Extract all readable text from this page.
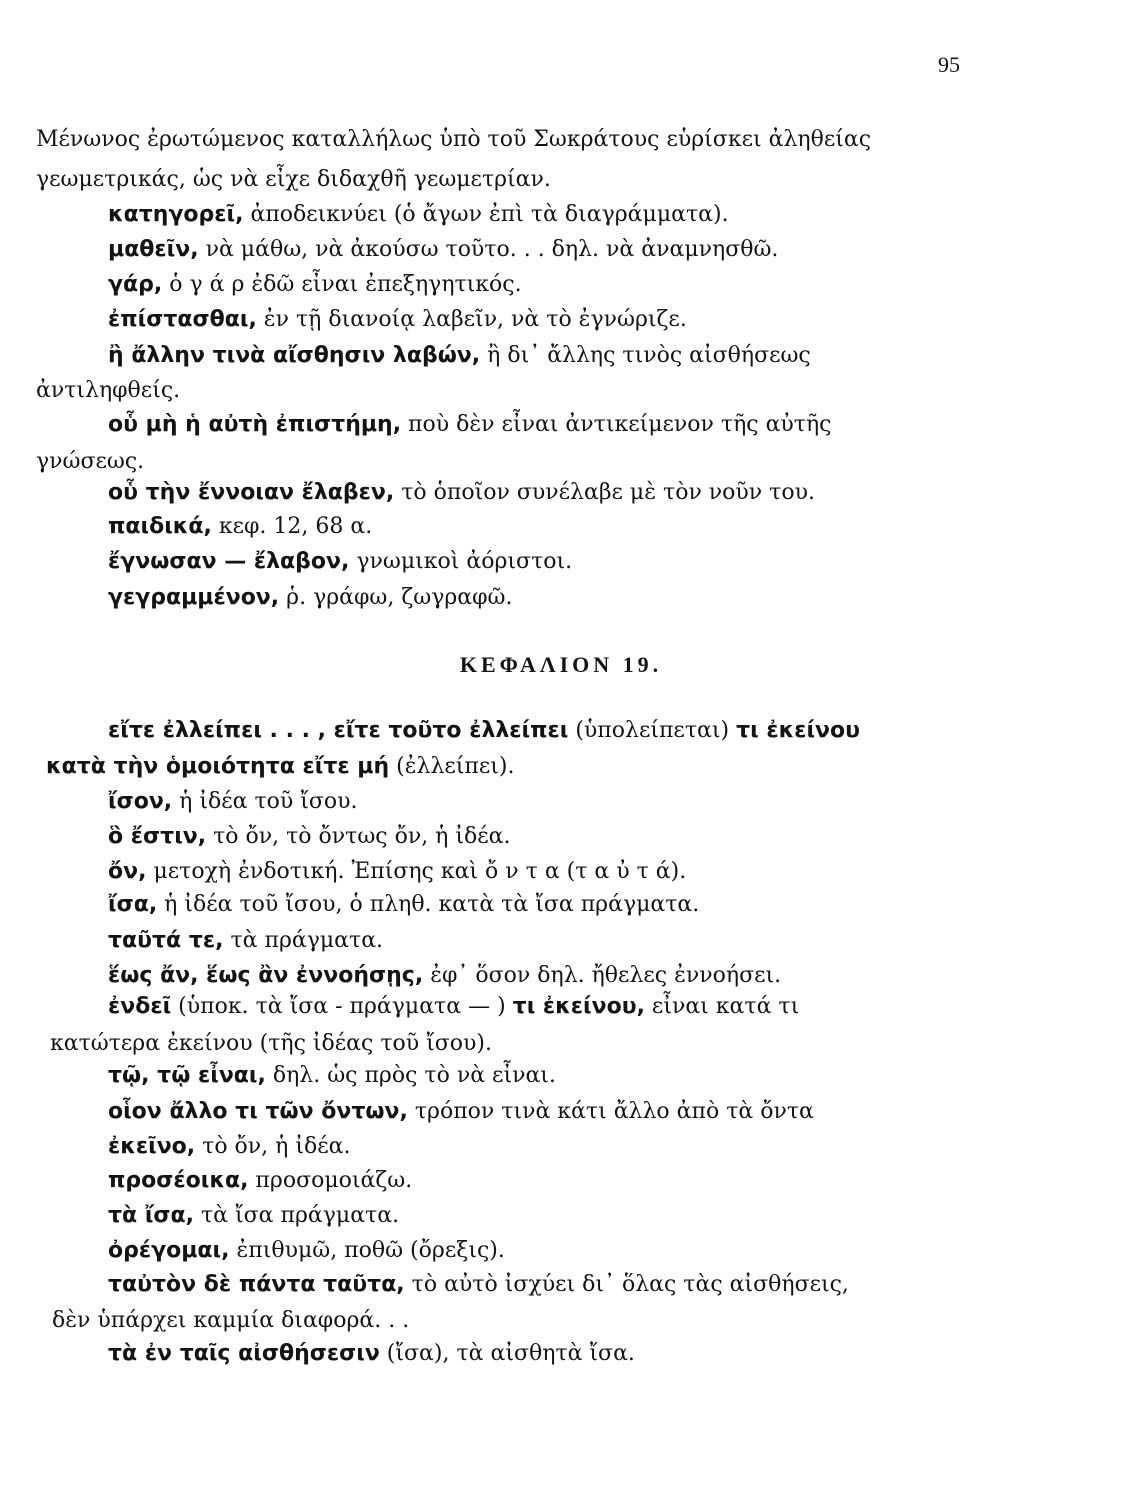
95
Μένωνος ἐρωτώμενος καταλλήλως ὑπὸ τοῦ Σωκράτους εὑρίσκει ἀληθείας
γεωμετρικάς, ὡς νὰ εἶχε διδαχθῆ γεωμετρίαν.
κατηγορεῖ, ἀποδεικνύει (ὁ ἄγων ἐπὶ τὰ διαγράμματα).
μαθεῖν, νὰ μάθω, νὰ ἀκούσω τοῦτο. . . δηλ. νὰ ἀναμνησθῶ.
γάρ, ὁ γ ά ρ ἐδῶ εἶναι ἐπεξηγητικός.
ἐπίστασθαι, ἐν τῇ διανοίᾳ λαβεῖν, νὰ τὸ ἐγνώριζε.
ἢ ἄλλην τινὰ αἴσθησιν λαβών, ἢ δι᾽ ἄλλης τινὸς αἰσθήσεως
ἀντιληφθείς.
οὗ μὴ ἡ αὐτὴ ἐπιστήμη, ποὺ δὲν εἶναι ἀντικείμενον τῆς αὐτῆς
γνώσεως.
οὗ τὴν ἔννοιαν ἔλαβεν, τὸ ὁποῖον συνέλαβε μὲ τὸν νοῦν του.
παιδικά, κεφ. 12, 68 α.
ἔγνωσαν — ἔλαβον, γνωμικοὶ ἀόριστοι.
γεγραμμένον, ῥ. γράφω, ζωγραφῶ.
ΚΕΦΑΛΙΟΝ 19.
εἴτε ἐλλείπει . . . , εἴτε τοῦτο ἐλλείπει (ὑπολείπεται) τι ἐκείνου
κατὰ τὴν ὁμοιότητα εἴτε μή (ἐλλείπει).
ἴσον, ἡ ἰδέα τοῦ ἴσου.
ὃ ἔστιν, τὸ ὄν, τὸ ὄντως ὄν, ἡ ἰδέα.
ὄν, μετοχὴ ἐνδοτική. Ἐπίσης καὶ ὄ ν τ α (τ α ὐ τ ά).
ἴσα, ἡ ἰδέα τοῦ ἴσου, ὁ πληθ. κατὰ τὰ ἴσα πράγματα.
ταῦτά τε, τὰ πράγματα.
ἕως ἄν, ἕως ἂν ἐννοήσῃς, ἐφ᾽ ὅσον δηλ. ἤθελες ἐννοήσει.
ἐνδεῖ (ὑποκ. τὰ ἴσα - πράγματα — ) τι ἐκείνου, εἶναι κατά τι
κατώτερα ἐκείνου (τῆς ἰδέας τοῦ ἴσου).
τῷ, τῷ εἶναι, δηλ. ὡς πρὸς τὸ νὰ εἶναι.
οἷον ἄλλο τι τῶν ὄντων, τρόπον τινὰ κάτι ἄλλο ἀπὸ τὰ ὄντα
ἐκεῖνο, τὸ ὄν, ἡ ἰδέα.
προσέοικα, προσομοιάζω.
τὰ ἴσα, τὰ ἴσα πράγματα.
ὀρέγομαι, ἐπιθυμῶ, ποθῶ (ὄρεξις).
ταὐτὸν δὲ πάντα ταῦτα, τὸ αὐτὸ ἰσχύει δι᾽ ὅλας τὰς αἰσθήσεις,
δὲν ὑπάρχει καμμία διαφορά. . .
τὰ ἐν ταῖς αἰσθήσεσιν (ἴσα), τὰ αἰσθητὰ ἴσα.
